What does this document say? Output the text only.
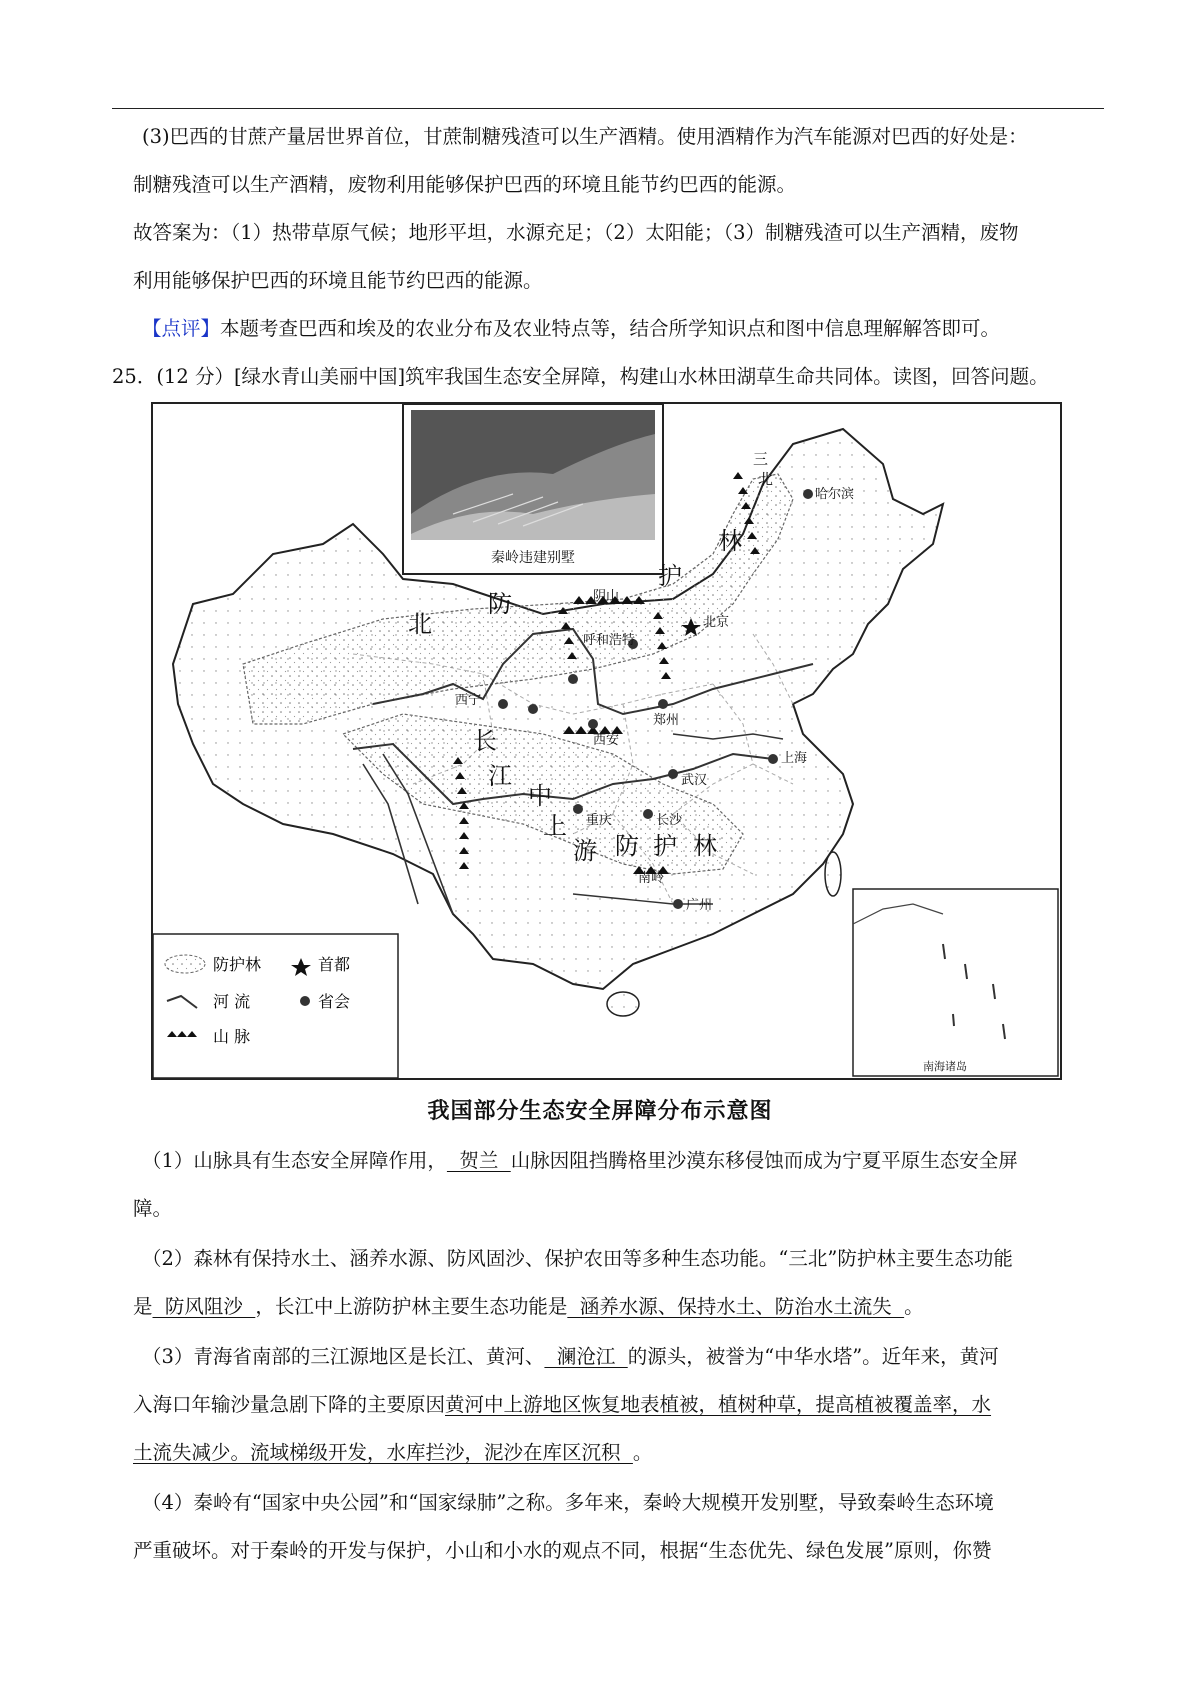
(3)巴西的甘蔗产量居世界首位，甘蔗制糖残渣可以生产酒精。使用酒精作为汽车能源对巴西的好处是：
制糖残渣可以生产酒精，废物利用能够保护巴西的环境且能节约巴西的能源。
故答案为：（1）热带草原气候；地形平坦，水源充足；（2）太阳能；（3）制糖残渣可以生产酒精，废物
利用能够保护巴西的环境且能节约巴西的能源。
【点评】本题考查巴西和埃及的农业分布及农业特点等，结合所学知识点和图中信息理解解答即可。
25．(12 分）[绿水青山美丽中国]筑牢我国生态安全屏障，构建山水林田湖草生命共同体。读图，回答问题。
防护林	首都
河 流	省会
山 脉
哈尔滨
北京
呼和浩特
西宁
西安
郑州
上海
武汉
重庆	长沙
广州
阴山
南岭
北
防
护
林
长
江
中
上
游 防 护 林
三
北
秦岭违建别墅
南海诸岛
我国部分生态安全屏障分布示意图
（1）山脉具有生态安全屏障作用，  贺兰  山脉因阻挡腾格里沙漠东移侵蚀而成为宁夏平原生态安全屏
障。
（2）森林有保持水土、涵养水源、防风固沙、保护农田等多种生态功能。“三北”防护林主要生态功能
是  防风阻沙  ，长江中上游防护林主要生态功能是  涵养水源、保持水土、防治水土流失  。
（3）青海省南部的三江源地区是长江、黄河、  澜沧江  的源头，被誉为“中华水塔”。近年来，黄河
入海口年输沙量急剧下降的主要原因黄河中上游地区恢复地表植被，植树种草，提高植被覆盖率，水
土流失减少。流域梯级开发，水库拦沙，泥沙在库区沉积  。
（4）秦岭有“国家中央公园”和“国家绿肺”之称。多年来，秦岭大规模开发别墅，导致秦岭生态环境
严重破坏。对于秦岭的开发与保护，小山和小水的观点不同，根据“生态优先、绿色发展”原则，你赞
